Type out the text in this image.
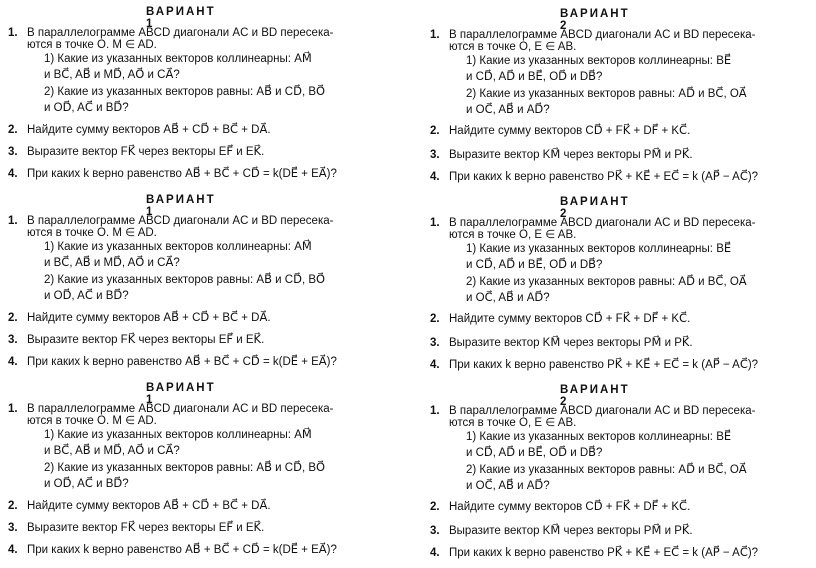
ВАРИАНТ 1
1. В параллелограмме ABCD диагонали AC и BD пересека-
ются в точке O. M ∈ AD.
1) Какие из указанных векторов коллинеарны: AM⃗
и BC⃗, AB⃗ и MD⃗, AO⃗ и CA⃗?
2) Какие из указанных векторов равны: AB⃗ и CD⃗, BO⃗
и OD⃗, AC⃗ и BD⃗?
2. Найдите сумму векторов AB⃗ + CD⃗ + BC⃗ + DA⃗.
3. Выразите вектор FK⃗ через векторы EF⃗ и EK⃗.
4. При каких k верно равенство AB⃗ + BC⃗ + CD⃗ = k(DE⃗ + EA⃗)?
ВАРИАНТ 1
1. В параллелограмме ABCD диагонали AC и BD пересека-
ются в точке O. M ∈ AD.
1) Какие из указанных векторов коллинеарны: AM⃗
и BC⃗, AB⃗ и MD⃗, AO⃗ и CA⃗?
2) Какие из указанных векторов равны: AB⃗ и CD⃗, BO⃗
и OD⃗, AC⃗ и BD⃗?
2. Найдите сумму векторов AB⃗ + CD⃗ + BC⃗ + DA⃗.
3. Выразите вектор FK⃗ через векторы EF⃗ и EK⃗.
4. При каких k верно равенство AB⃗ + BC⃗ + CD⃗ = k(DE⃗ + EA⃗)?
ВАРИАНТ 1
1. В параллелограмме ABCD диагонали AC и BD пересека-
ются в точке O. M ∈ AD.
1) Какие из указанных векторов коллинеарны: AM⃗
и BC⃗, AB⃗ и MD⃗, AO⃗ и CA⃗?
2) Какие из указанных векторов равны: AB⃗ и CD⃗, BO⃗
и OD⃗, AC⃗ и BD⃗?
2. Найдите сумму векторов AB⃗ + CD⃗ + BC⃗ + DA⃗.
3. Выразите вектор FK⃗ через векторы EF⃗ и EK⃗.
4. При каких k верно равенство AB⃗ + BC⃗ + CD⃗ = k(DE⃗ + EA⃗)?
ВАРИАНТ 2
1. В параллелограмме ABCD диагонали AC и BD пересека-
ются в точке O, E ∈ AB.
1) Какие из указанных векторов коллинеарны: BE⃗
и CD⃗, AD⃗ и BE⃗, OD⃗ и DB⃗?
2) Какие из указанных векторов равны: AD⃗ и BC⃗, OA⃗
и OC⃗, AB⃗ и AD⃗?
2. Найдите сумму векторов CD⃗ + FK⃗ + DF⃗ + KC⃗.
3. Выразите вектор KM⃗ через векторы PM⃗ и PK⃗.
4. При каких k верно равенство PK⃗ + KE⃗ + EC⃗ = k (AP⃗ − AC⃗)?
ВАРИАНТ 2
1. В параллелограмме ABCD диагонали AC и BD пересека-
ются в точке O, E ∈ AB.
1) Какие из указанных векторов коллинеарны: BE⃗
и CD⃗, AD⃗ и BE⃗, OD⃗ и DB⃗?
2) Какие из указанных векторов равны: AD⃗ и BC⃗, OA⃗
и OC⃗, AB⃗ и AD⃗?
2. Найдите сумму векторов CD⃗ + FK⃗ + DF⃗ + KC⃗.
3. Выразите вектор KM⃗ через векторы PM⃗ и PK⃗.
4. При каких k верно равенство PK⃗ + KE⃗ + EC⃗ = k (AP⃗ − AC⃗)?
ВАРИАНТ 2
1. В параллелограмме ABCD диагонали AC и BD пересека-
ются в точке O, E ∈ AB.
1) Какие из указанных векторов коллинеарны: BE⃗
и CD⃗, AD⃗ и BE⃗, OD⃗ и DB⃗?
2) Какие из указанных векторов равны: AD⃗ и BC⃗, OA⃗
и OC⃗, AB⃗ и AD⃗?
2. Найдите сумму векторов CD⃗ + FK⃗ + DF⃗ + KC⃗.
3. Выразите вектор KM⃗ через векторы PM⃗ и PK⃗.
4. При каких k верно равенство PK⃗ + KE⃗ + EC⃗ = k (AP⃗ − AC⃗)?
